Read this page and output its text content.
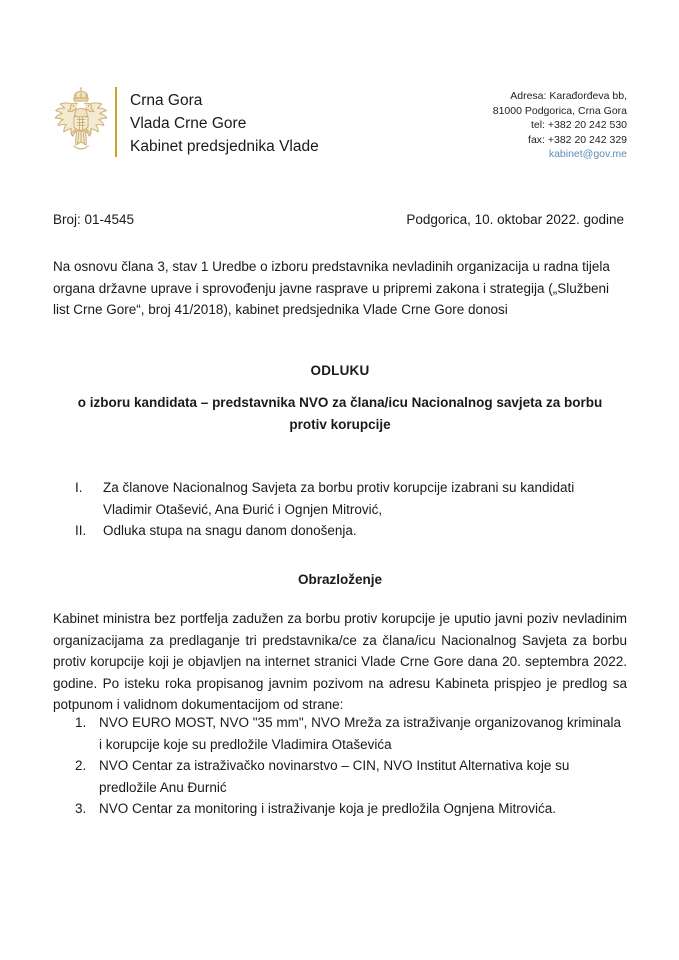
Crna Gora
Vlada Crne Gore
Kabinet predsjednika Vlade
Adresa: Karađorđeva bb,
81000 Podgorica, Crna Gora
tel: +382 20 242 530
fax: +382 20 242 329
kabinet@gov.me
Broj: 01-4545	Podgorica, 10. oktobar 2022. godine
Na osnovu člana 3, stav 1 Uredbe o izboru predstavnika nevladinih organizacija u radna tijela organa državne uprave i sprovođenju javne rasprave u pripremi zakona i strategija („Službeni list Crne Gore“, broj 41/2018), kabinet predsjednika Vlade Crne Gore donosi
ODLUKU
o izboru kandidata – predstavnika NVO za člana/icu Nacionalnog savjeta za borbu protiv korupcije
I.	Za članove Nacionalnog Savjeta za borbu protiv korupcije izabrani su kandidati Vladimir Otašević, Ana Đurić i Ognjen Mitrović,
II.	Odluka stupa na snagu danom donošenja.
Obrazloženje
Kabinet ministra bez portfelja zadužen za borbu protiv korupcije je uputio javni poziv nevladinim organizacijama za predlaganje tri predstavnika/ce za člana/icu Nacionalnog Savjeta za borbu protiv korupcije koji je objavljen na internet stranici Vlade Crne Gore dana 20. septembra 2022. godine. Po isteku roka propisanog javnim pozivom na adresu Kabineta prispjeo je predlog sa potpunom i validnom dokumentacijom od strane:
1. NVO EURO MOST, NVO "35 mm", NVO Mreža za istraživanje organizovanog kriminala i korupcije koje su predložile Vladimira Otaševića
2. NVO Centar za istraživačko novinarstvo – CIN, NVO Institut Alternativa koje su predložile Anu Đurnić
3. NVO Centar za monitoring i istraživanje koja je predložila Ognjena Mitrovića.
